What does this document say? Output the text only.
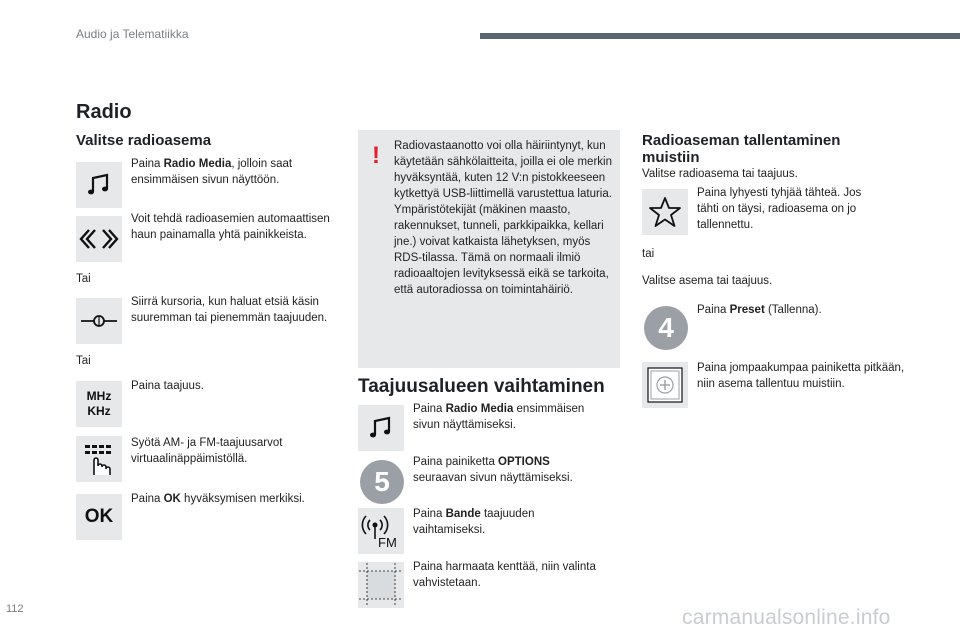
Audio ja Telematiikka
Radio
Valitse radioasema
Paina Radio Media, jolloin saat ensimmäisen sivun näyttöön.
Voit tehdä radioasemien automaattisen haun painamalla yhtä painikkeista.
Tai
Siirrä kursoria, kun haluat etsiä käsin suuremman tai pienemmän taajuuden.
Tai
MHz
KHz
Paina taajuus.
Syötä AM- ja FM-taajuusarvot virtuaalinäppäimistöllä.
OK
Paina OK hyväksymisen merkiksi.
! Radiovastaanotto voi olla häiriintynyt, kun käytetään sähkölaitteita, joilla ei ole merkin hyväksyntää, kuten 12 V:n pistokkeeseen kytkettyä USB-liittimellä varustettua laturia.
Ympäristötekijät (mäkinen maasto, rakennukset, tunneli, parkkipaikka, kellari jne.) voivat katkaista lähetyksen, myös RDS-tilassa. Tämä on normaali ilmiö radioaaltojen levityksessä eikä se tarkoita, että autoradiossa on toimintahäiriö.
Taajuusalueen vaihtaminen
Paina Radio Media ensimmäisen sivun näyttämiseksi.
5
Paina painiketta OPTIONS seuraavan sivun näyttämiseksi.
FM
Paina Bande taajuuden vaihtamiseksi.
Paina harmaata kenttää, niin valinta vahvistetaan.
Radioaseman tallentaminen muistiin
Valitse radioasema tai taajuus.
Paina lyhyesti tyhjää tähteä. Jos tähti on täysi, radioasema on jo tallennettu.
tai
Valitse asema tai taajuus.
4
Paina Preset (Tallenna).
Paina jompaakumpaa painiketta pitkään, niin asema tallentuu muistiin.
112	carmanualsonline.info
